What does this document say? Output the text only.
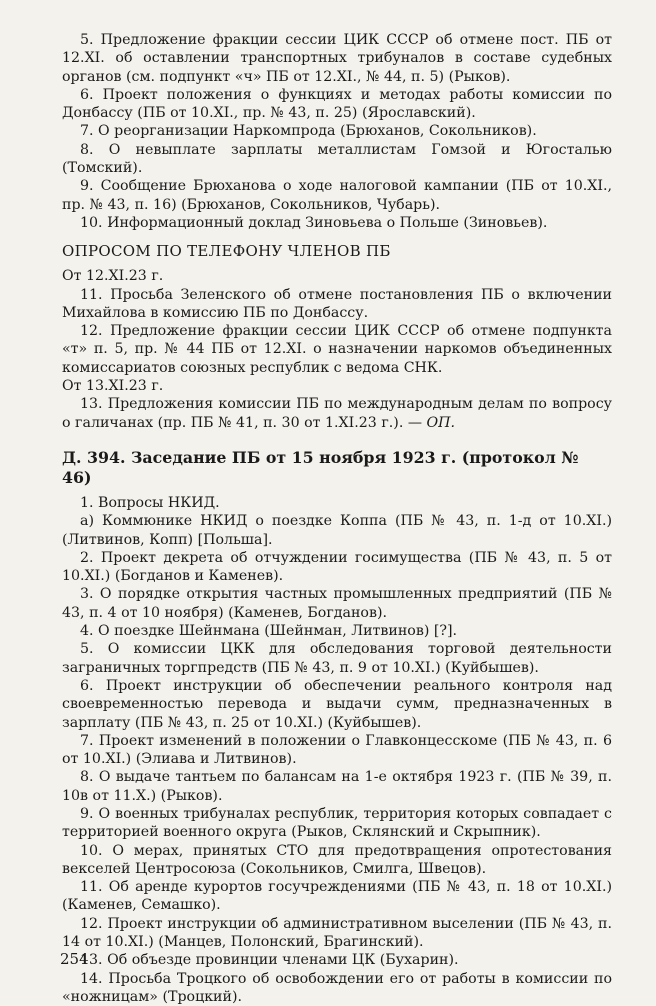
5. Предложение фракции сессии ЦИК СССР об отмене пост. ПБ от 12.XI. об оставлении транспортных трибуналов в составе судебных органов (см. подпункт «ч» ПБ от 12.XI., № 44, п. 5) (Рыков).

6. Проект положения о функциях и методах работы комиссии по Донбассу (ПБ от 10.XI., пр. № 43, п. 25) (Ярославский).

7. О реорганизации Наркомпрода (Брюханов, Сокольников).

8. О невыплате зарплаты металлистам Гомзой и Югосталью (Томский).

9. Сообщение Брюханова о ходе налоговой кампании (ПБ от 10.XI., пр. № 43, п. 16) (Брюханов, Сокольников, Чубарь).

10. Информационный доклад Зиновьева о Польше (Зиновьев).

ОПРОСОМ ПО ТЕЛЕФОНУ ЧЛЕНОВ ПБ

От 12.XI.23 г.

11. Просьба Зеленского об отмене постановления ПБ о включении Михайлова в комиссию ПБ по Донбассу.

12. Предложение фракции сессии ЦИК СССР об отмене подпункта «т» п. 5, пр. № 44 ПБ от 12.XI. о назначении наркомов объединенных комиссариатов союзных республик с ведома СНК.

От 13.XI.23 г.

13. Предложения комиссии ПБ по международным делам по вопросу о галичанах (пр. ПБ № 41, п. 30 от 1.XI.23 г.). — ОП.

Д. 394. Заседание ПБ от 15 ноября 1923 г. (протокол № 46)

1. Вопросы НКИД.

а) Коммюнике НКИД о поездке Коппа (ПБ № 43, п. 1-д от 10.XI.) (Литвинов, Копп) [Польша].

2. Проект декрета об отчуждении госимущества (ПБ № 43, п. 5 от 10.XI.) (Богданов и Каменев).

3. О порядке открытия частных промышленных предприятий (ПБ № 43, п. 4 от 10 ноября) (Каменев, Богданов).

4. О поездке Шейнмана (Шейнман, Литвинов) [?].

5. О комиссии ЦКК для обследования торговой деятельности заграничных торгпредств (ПБ № 43, п. 9 от 10.XI.) (Куйбышев).

6. Проект инструкции об обеспечении реального контроля над своевременностью перевода и выдачи сумм, предназначенных в зарплату (ПБ № 43, п. 25 от 10.XI.) (Куйбышев).

7. Проект изменений в положении о Главконцесскоме (ПБ № 43, п. 6 от 10.XI.) (Элиава и Литвинов).

8. О выдаче тантьем по балансам на 1-е октября 1923 г. (ПБ № 39, п. 10в от 11.X.) (Рыков).

9. О военных трибуналах республик, территория которых совпадает с территорией военного округа (Рыков, Склянский и Скрыпник).

10. О мерах, принятых СТО для предотвращения опротестования векселей Центросоюза (Сокольников, Смилга, Швецов).

11. Об аренде курортов госучреждениями (ПБ № 43, п. 18 от 10.XI.) (Каменев, Семашко).

12. Проект инструкции об административном выселении (ПБ № 43, п. 14 от 10.XI.) (Манцев, Полонский, Брагинский).

13. Об объезде провинции членами ЦК (Бухарин).

14. Просьба Троцкого об освобождении его от работы в комиссии по «ножницам» (Троцкий).

254
